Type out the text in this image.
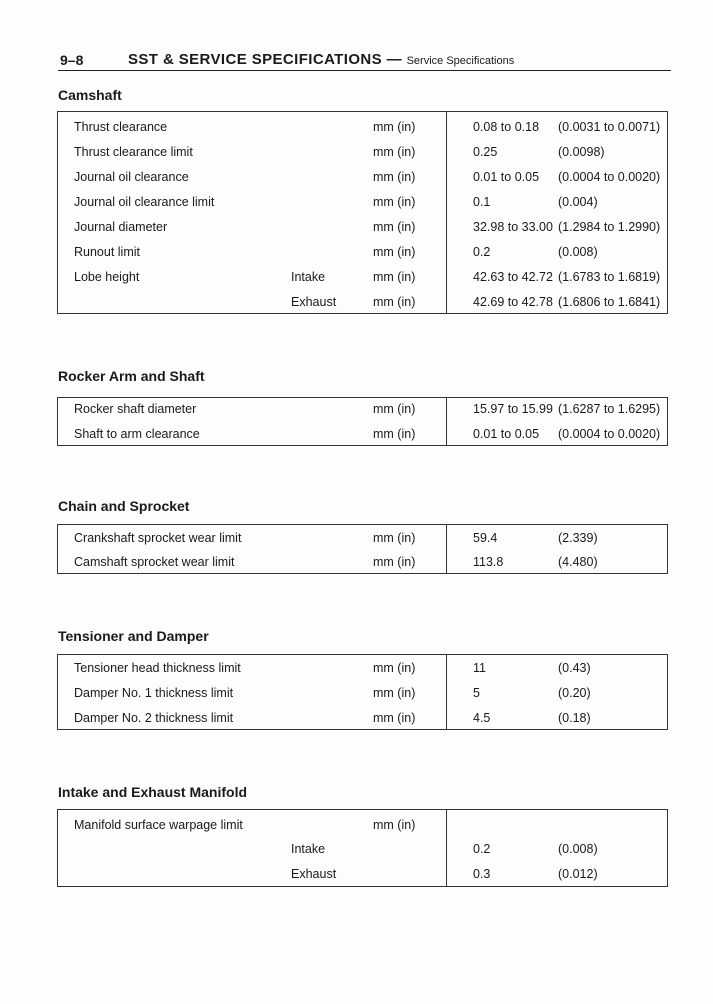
9–8	SST & SERVICE SPECIFICATIONS — Service Specifications
Camshaft
Thrust clearance	mm (in)	0.08 to 0.18 (0.0031 to 0.0071)
Thrust clearance limit	mm (in)	0.25	(0.0098)
Journal oil clearance	mm (in)	0.01 to 0.05 (0.0004 to 0.0020)
Journal oil clearance limit	mm (in)	0.1	(0.004)
Journal diameter	mm (in)	32.98 to 33.00 (1.2984 to 1.2990)
Runout limit	mm (in)	0.2	(0.008)
Lobe height	Intake	mm (in)	42.63 to 42.72 (1.6783 to 1.6819)
Exhaust	mm (in)	42.69 to 42.78 (1.6806 to 1.6841)
Rocker Arm and Shaft
Rocker shaft diameter	mm (in)	15.97 to 15.99 (1.6287 to 1.6295)
Shaft to arm clearance	mm (in)	0.01 to 0.05 (0.0004 to 0.0020)
Chain and Sprocket
Crankshaft sprocket wear limit	mm (in)	59.4	(2.339)
Camshaft sprocket wear limit	mm (in)	113.8	(4.480)
Tensioner and Damper
Tensioner head thickness limit	mm (in)	11	(0.43)
Damper No. 1 thickness limit	mm (in)	5	(0.20)
Damper No. 2 thickness limit	mm (in)	4.5	(0.18)
Intake and Exhaust Manifold
Manifold surface warpage limit	mm (in)
Intake	0.2	(0.008)
Exhaust	0.3	(0.012)
